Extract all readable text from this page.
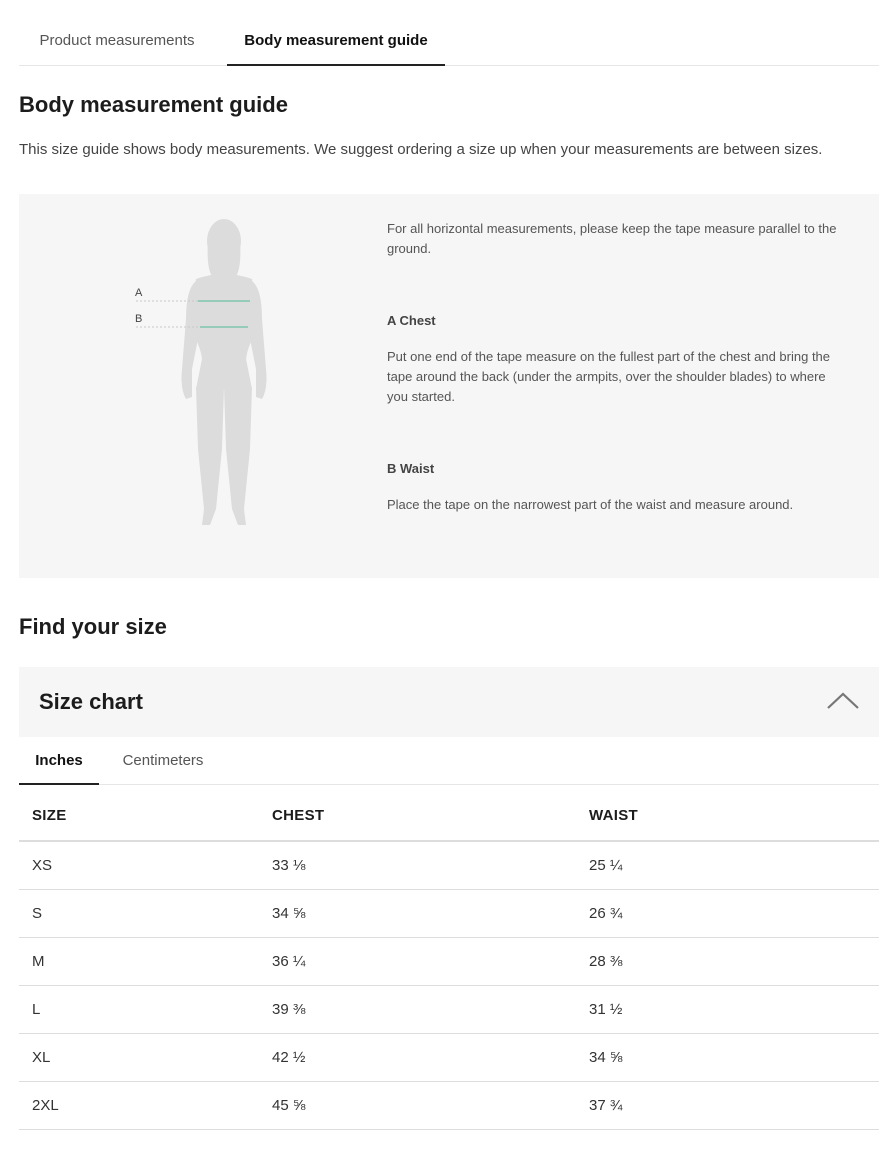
Product measurements	Body measurement guide
Body measurement guide

This size guide shows body measurements. We suggest ordering a size up when your measurements are between sizes.

A
B

For all horizontal measurements, please keep the tape measure parallel to the ground.

A Chest

Put one end of the tape measure on the fullest part of the chest and bring the tape around the back (under the armpits, over the shoulder blades) to where you started.

B Waist

Place the tape on the narrowest part of the waist and measure around.

Find your size
Size chart
Inches	Centimeters
SIZE	CHEST	WAIST
XS	33 ⅛	25 ¼
S	34 ⅝	26 ¾
M	36 ¼	28 ⅜
L	39 ⅜	31 ½
XL	42 ½	34 ⅝
2XL	45 ⅝	37 ¾
